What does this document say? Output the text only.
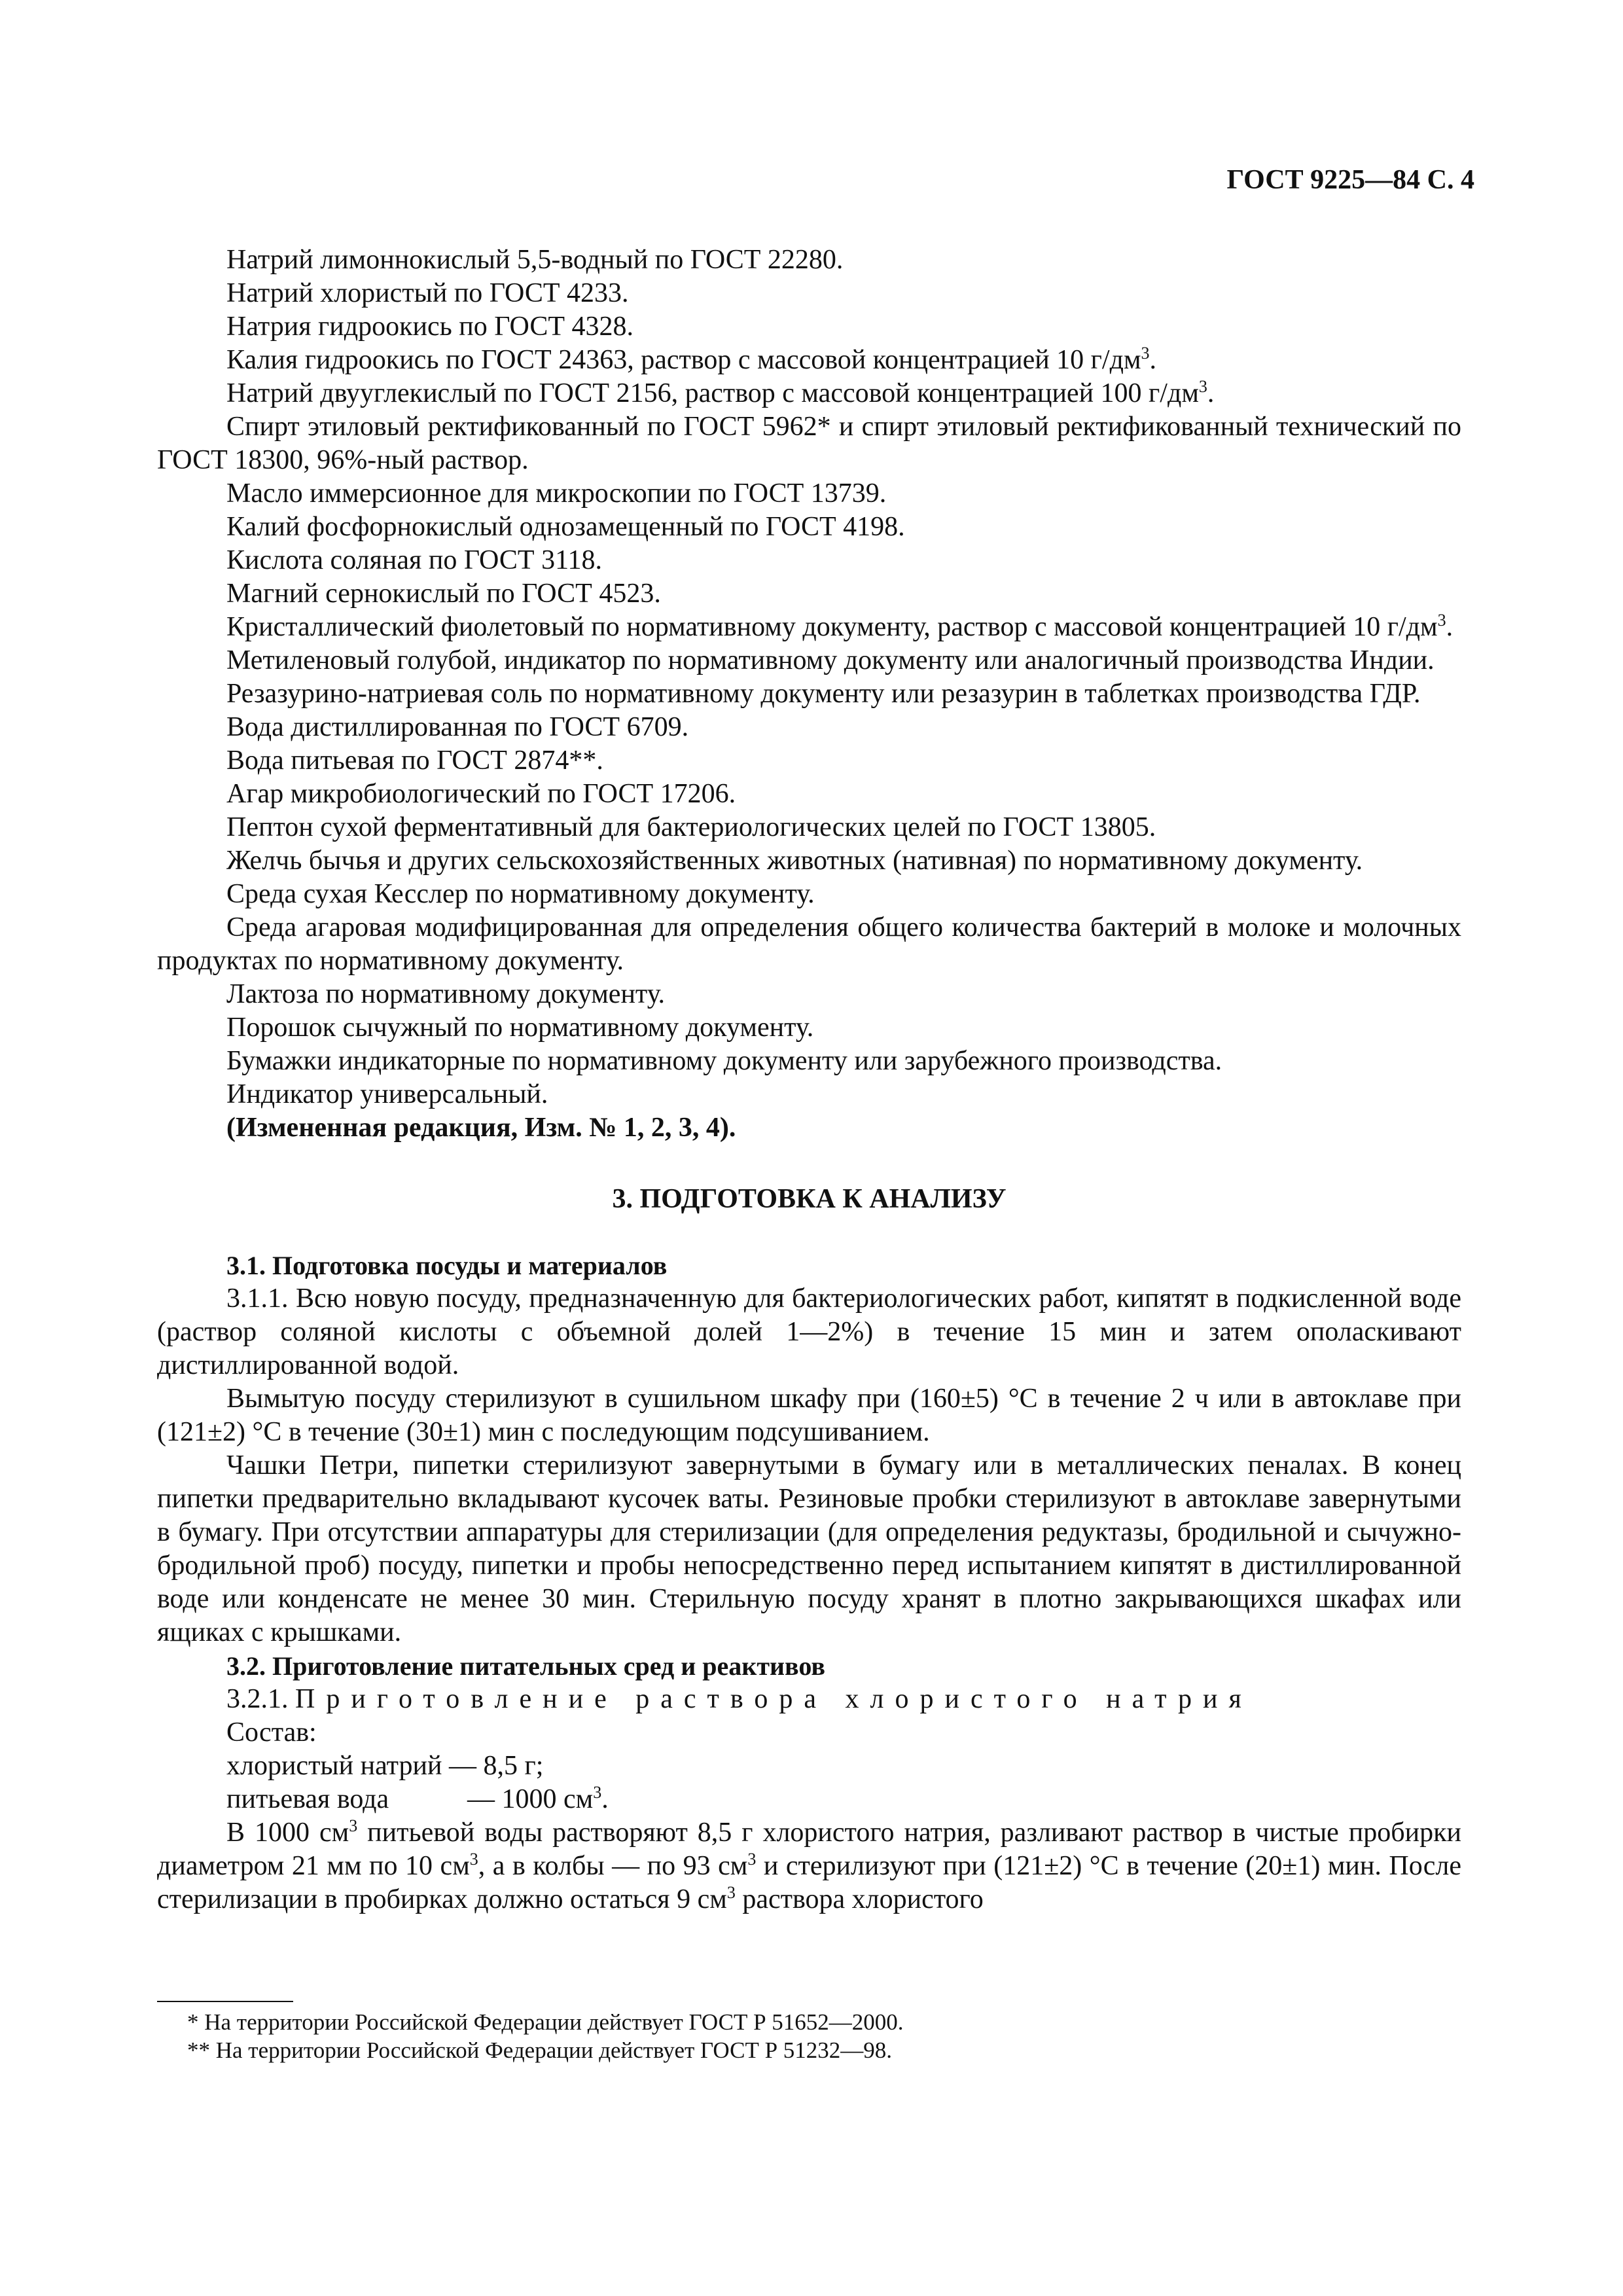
ГОСТ 9225—84 С. 4

Натрий лимоннокислый 5,5-водный по ГОСТ 22280.

Натрий хлористый по ГОСТ 4233.

Натрия гидроокись по ГОСТ 4328.

Калия гидроокись по ГОСТ 24363, раствор с массовой концентрацией 10 $г/дм^3$.

Натрий двууглекислый по ГОСТ 2156, раствор с массовой концентрацией 100 $г/дм^3$.

Спирт этиловый ректификованный по ГОСТ 5962* и спирт этиловый ректификованный технический по ГОСТ 18300, 96%-ный раствор.

Масло иммерсионное для микроскопии по ГОСТ 13739.

Калий фосфорнокислый однозамещенный по ГОСТ 4198.

Кислота соляная по ГОСТ 3118.

Магний сернокислый по ГОСТ 4523.

Кристаллический фиолетовый по нормативному документу, раствор с массовой концентрацией 10 $г/дм^3$.

Метиленовый голубой, индикатор по нормативному документу или аналогичный производства Индии.

Резазурино-натриевая соль по нормативному документу или резазурин в таблетках производства ГДР.

Вода дистиллированная по ГОСТ 6709.

Вода питьевая по ГОСТ 2874**.

Агар микробиологический по ГОСТ 17206.

Пептон сухой ферментативный для бактериологических целей по ГОСТ 13805.

Желчь бычья и других сельскохозяйственных животных (нативная) по нормативному документу.

Среда сухая Кесслер по нормативному документу.

Среда агаровая модифицированная для определения общего количества бактерий в молоке и молочных продуктах по нормативному документу.

Лактоза по нормативному документу.

Порошок сычужный по нормативному документу.

Бумажки индикаторные по нормативному документу или зарубежного производства.

Индикатор универсальный.

(Измененная редакция, Изм. № 1, 2, 3, 4).

3. ПОДГОТОВКА К АНАЛИЗУ

3.1. Подготовка посуды и материалов

3.1.1. Всю новую посуду, предназначенную для бактериологических работ, кипятят в подкисленной воде (раствор соляной кислоты с объемной долей 1—2%) в течение 15 мин и затем ополаскивают дистиллированной водой.

Вымытую посуду стерилизуют в сушильном шкафу при (160±5) °С в течение 2 ч или в автоклаве при (121±2) °С в течение (30±1) мин с последующим подсушиванием.

Чашки Петри, пипетки стерилизуют завернутыми в бумагу или в металлических пеналах. В конец пипетки предварительно вкладывают кусочек ваты. Резиновые пробки стерилизуют в автоклаве завернутыми в бумагу. При отсутствии аппаратуры для стерилизации (для определения редуктазы, бродильной и сычужно-бродильной проб) посуду, пипетки и пробы непосредственно перед испытанием кипятят в дистиллированной воде или конденсате не менее 30 мин. Стерильную посуду хранят в плотно закрывающихся шкафах или ящиках с крышками.

3.2. Приготовление питательных сред и реактивов

3.2.1. Приготовление раствора хлористого натрия

Состав:

хлористый натрий — 8,5 г;

питьевая вода	— 1000 $см^3$.

В 1000 $см^3$ питьевой воды растворяют 8,5 г хлористого натрия, разливают раствор в чистые пробирки диаметром 21 мм по 10 $см^3$, а в колбы — по 93 $см^3$ и стерилизуют при (121±2) °С в течение (20±1) мин. После стерилизации в пробирках должно остаться 9 $см^3$ раствора хлористого

* На территории Российской Федерации действует ГОСТ Р 51652—2000.

** На территории Российской Федерации действует ГОСТ Р 51232—98.
